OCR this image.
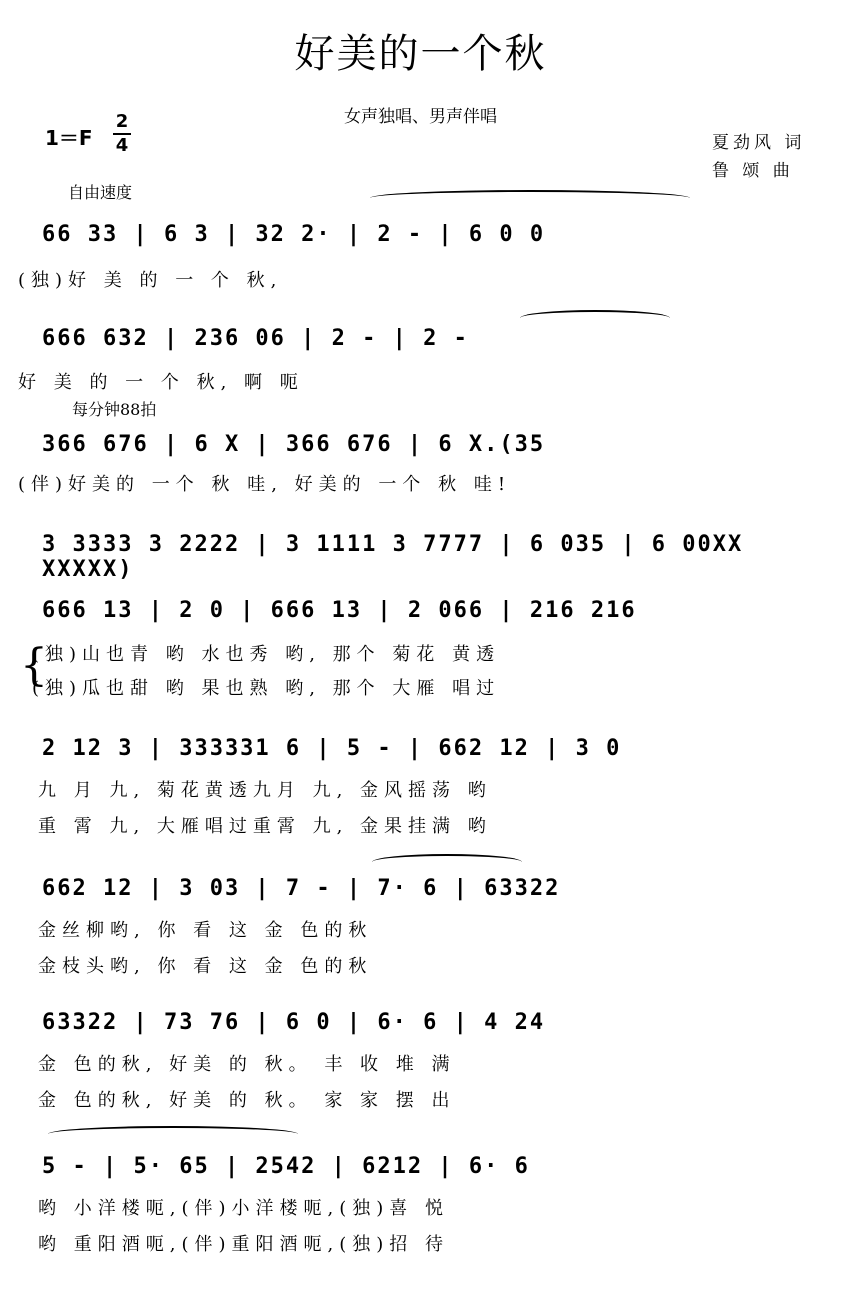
好美的一个秋
女声独唱、男声伴唱
1＝F
2
4	夏劲风 词
鲁 颂 曲
自由速度
每分钟88拍
66 33 | 6 3 | 32 2· | 2 - | 6 0 0
(独)好 美 的 一 个 秋,
666 632 | 236 06 | 2 - | 2 -
好 美 的 一 个 秋, 啊 呃
366 676 | 6 X | 366 676 | 6 X.(35
(伴)好美的 一个 秋 哇, 好美的 一个 秋 哇!
3 3333 3 2222 | 3 1111 3 7777 | 6 035 | 6 00XX XXXXX)
666 13 | 2 0 | 666 13 | 2 066 | 216 216
{
(独)山也青 哟 水也秀 哟, 那个 菊花 黄透
(独)瓜也甜 哟 果也熟 哟, 那个 大雁 唱过
2 12 3 | 333331 6 | 5 - | 662 12 | 3 0
九 月 九, 菊花黄透九月 九, 金风摇荡 哟
重 霄 九, 大雁唱过重霄 九, 金果挂满 哟
662 12 | 3 03 | 7 - | 7· 6 | 63322
金丝柳哟, 你 看 这 金 色的秋
金枝头哟, 你 看 这 金 色的秋
63322 | 73 76 | 6 0 | 6· 6 | 4 24
金 色的秋, 好美 的 秋。 丰 收 堆 满
金 色的秋, 好美 的 秋。 家 家 摆 出
5 - | 5· 65 | 2542 | 6212 | 6· 6
哟 小洋楼呃,(伴)小洋楼呃,(独)喜 悦
哟 重阳酒呃,(伴)重阳酒呃,(独)招 待
